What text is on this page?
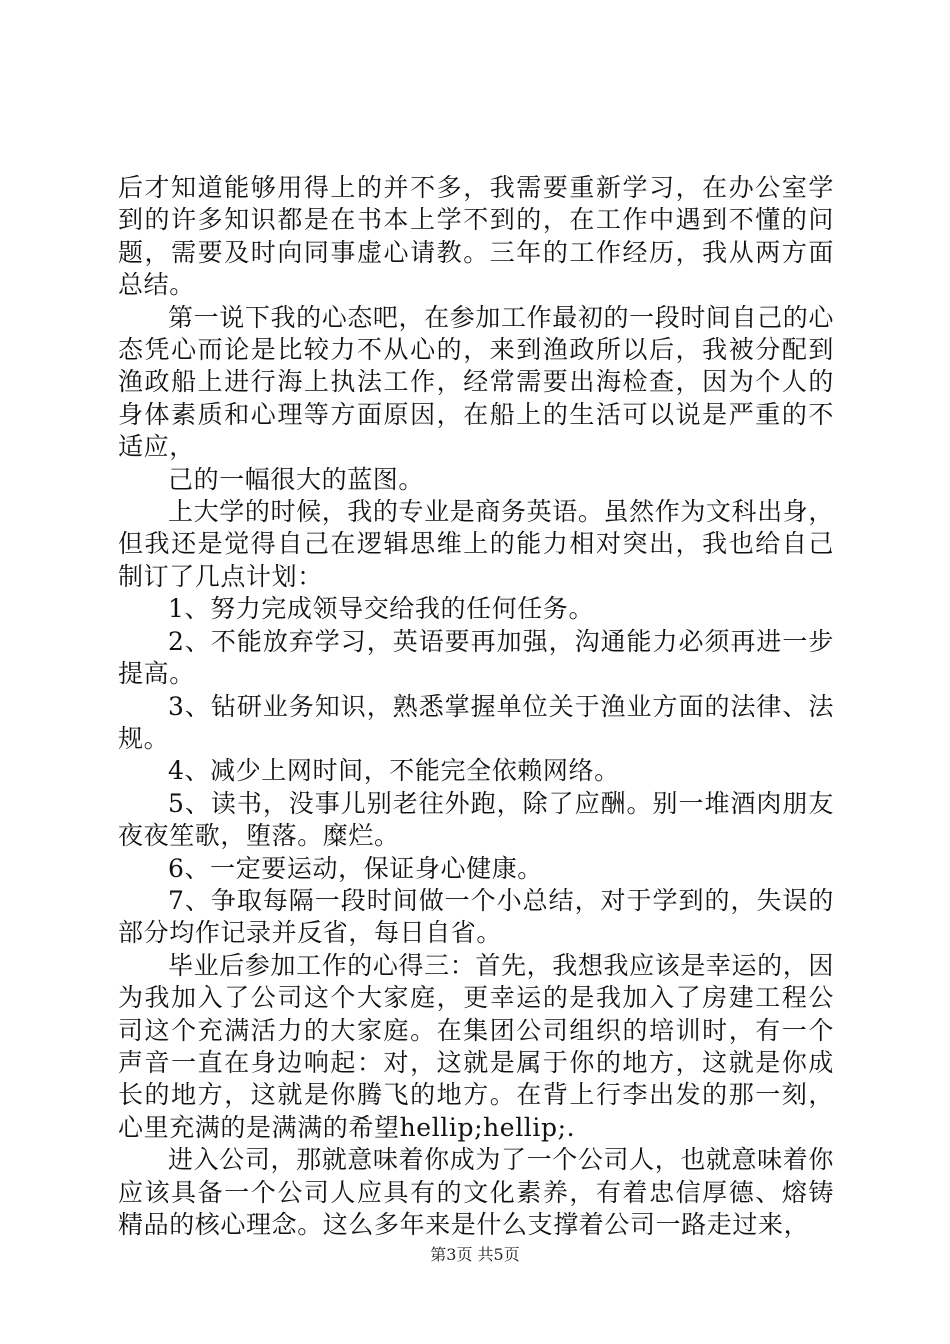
后才知道能够用得上的并不多，我需要重新学习，在办公室学到的许多知识都是在书本上学不到的，在工作中遇到不懂的问题，需要及时向同事虚心请教。三年的工作经历，我从两方面总结。

第一说下我的心态吧，在参加工作最初的一段时间自己的心态凭心而论是比较力不从心的，来到渔政所以后，我被分配到渔政船上进行海上执法工作，经常需要出海检查，因为个人的身体素质和心理等方面原因，在船上的生活可以说是严重的不适应，

己的一幅很大的蓝图。

上大学的时候，我的专业是商务英语。虽然作为文科出身，但我还是觉得自己在逻辑思维上的能力相对突出，我也给自己制订了几点计划：

1、努力完成领导交给我的任何任务。

2、不能放弃学习，英语要再加强，沟通能力必须再进一步提高。

3、钻研业务知识，熟悉掌握单位关于渔业方面的法律、法规。

4、减少上网时间，不能完全依赖网络。

5、读书，没事儿别老往外跑，除了应酬。别一堆酒肉朋友夜夜笙歌，堕落。糜烂。

6、一定要运动，保证身心健康。

7、争取每隔一段时间做一个小总结，对于学到的，失误的部分均作记录并反省，每日自省。

毕业后参加工作的心得三：首先，我想我应该是幸运的，因为我加入了公司这个大家庭，更幸运的是我加入了房建工程公司这个充满活力的大家庭。在集团公司组织的培训时，有一个声音一直在身边响起：对，这就是属于你的地方，这就是你成长的地方，这就是你腾飞的地方。在背上行李出发的那一刻，心里充满的是满满的希望hellip;hellip;.

进入公司，那就意味着你成为了一个公司人，也就意味着你应该具备一个公司人应具有的文化素养，有着忠信厚德、熔铸精品的核心理念。这么多年来是什么支撑着公司一路走过来，

第3页 共5页
